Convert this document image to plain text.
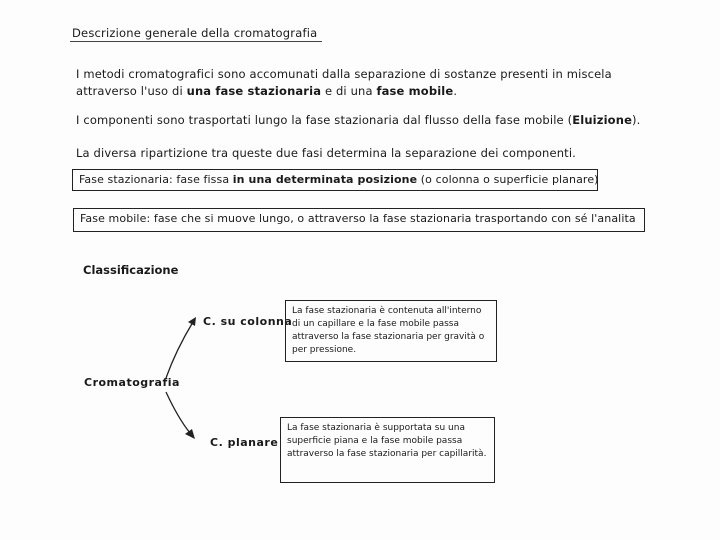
Descrizione generale della cromatografia
I metodi cromatografici sono accomunati dalla separazione di sostanze presenti in miscela
attraverso l'uso di una fase stazionaria e di una fase mobile.
I componenti sono trasportati lungo la fase stazionaria dal flusso della fase mobile (Eluizione).
La diversa ripartizione tra queste due fasi determina la separazione dei componenti.
Fase stazionaria: fase fissa in una determinata posizione (o colonna o superficie planare)
Fase mobile: fase che si muove lungo, o attraverso la fase stazionaria trasportando con sé l'analita
Classificazione
Cromatografia
C. su colonna
C. planare
La fase stazionaria è contenuta all'interno di un capillare e la fase mobile passa attraverso la fase stazionaria per gravità o per pressione.
La fase stazionaria è supportata su una superficie piana e la fase mobile passa attraverso la fase stazionaria per capillarità.
